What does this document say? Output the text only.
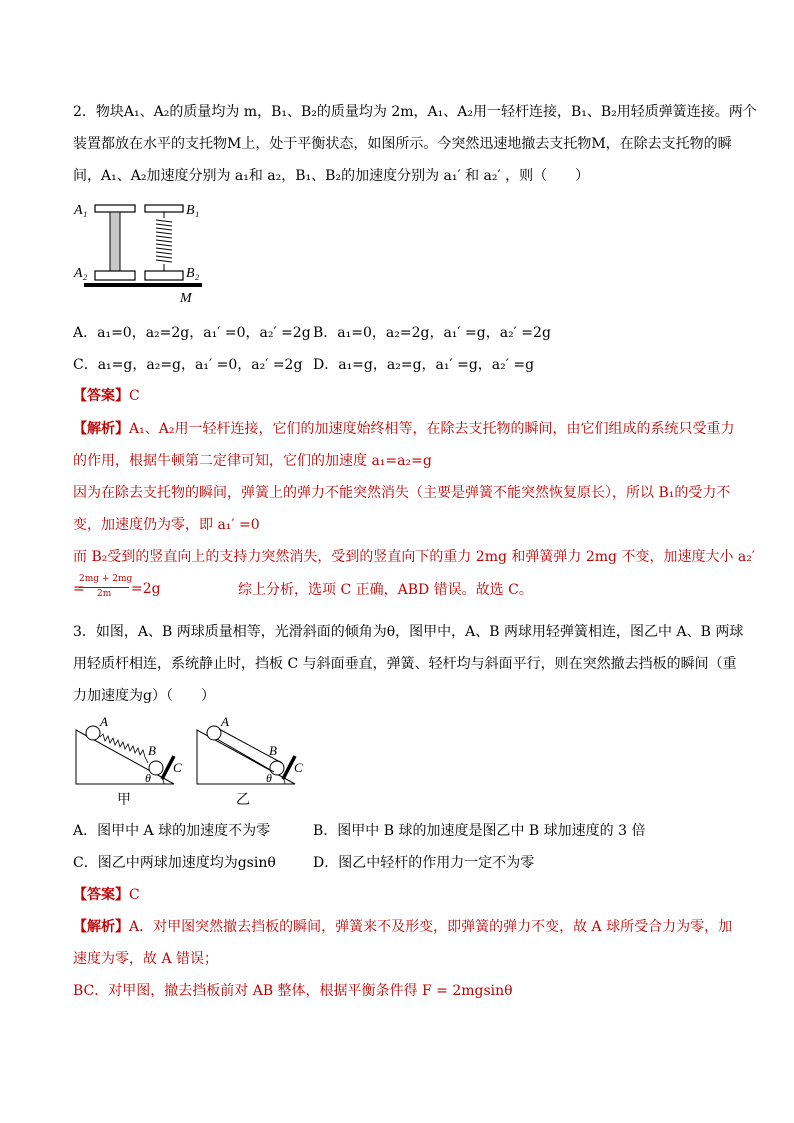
2．物块A₁、A₂的质量均为 m，B₁、B₂的质量均为 2m，A₁、A₂用一轻杆连接，B₁、B₂用轻质弹簧连接。两个
装置都放在水平的支托物M上，处于平衡状态，如图所示。今突然迅速地撤去支托物M，在除去支托物的瞬
间，A₁、A₂加速度分别为 a₁和 a₂，B₁、B₂的加速度分别为 a₁′ 和 a₂′ ，则（　　）
A₁
A₂
B₁
B₂
M
A．a₁=0，a₂=2g，a₁′ =0，a₂′ =2g B．a₁=0，a₂=2g，a₁′ =g，a₂′ =2g
C．a₁=g，a₂=g，a₁′ =0，a₂′ =2g D．a₁=g，a₂=g，a₁′ =g，a₂′ =g
【答案】C
【解析】A₁、A₂用一轻杆连接，它们的加速度始终相等，在除去支托物的瞬间，由它们组成的系统只受重力
的作用，根据牛顿第二定律可知，它们的加速度 a₁=a₂=g
因为在除去支托物的瞬间，弹簧上的弹力不能突然消失（主要是弹簧不能突然恢复原长），所以 B₁的受力不
变，加速度仍为零，即 a₁′ =0
而 B₂受到的竖直向上的支持力突然消失，受到的竖直向下的重力 2mg 和弹簧弹力 2mg 不变，加速度大小 a₂′
=
2mg + 2mg
2m =2g	综上分析，选项 C 正确，ABD 错误。故选 C。
3．如图，A、B 两球质量相等，光滑斜面的倾角为θ，图甲中，A、B 两球用轻弹簧相连，图乙中 A、B 两球
用轻质杆相连，系统静止时，挡板 C 与斜面垂直，弹簧、轻杆均与斜面平行，则在突然撤去挡板的瞬间（重
力加速度为g）（　　）
A
B
C
θ
甲
A
B
C
θ
乙
A．图甲中 A 球的加速度不为零	B．图甲中 B 球的加速度是图乙中 B 球加速度的 3 倍
C．图乙中两球加速度均为gsinθ	D．图乙中轻杆的作用力一定不为零
【答案】C
【解析】A．对甲图突然撤去挡板的瞬间，弹簧来不及形变，即弹簧的弹力不变，故 A 球所受合力为零，加
速度为零，故 A 错误；
BC．对甲图，撤去挡板前对 AB 整体，根据平衡条件得 F = 2mgsinθ
